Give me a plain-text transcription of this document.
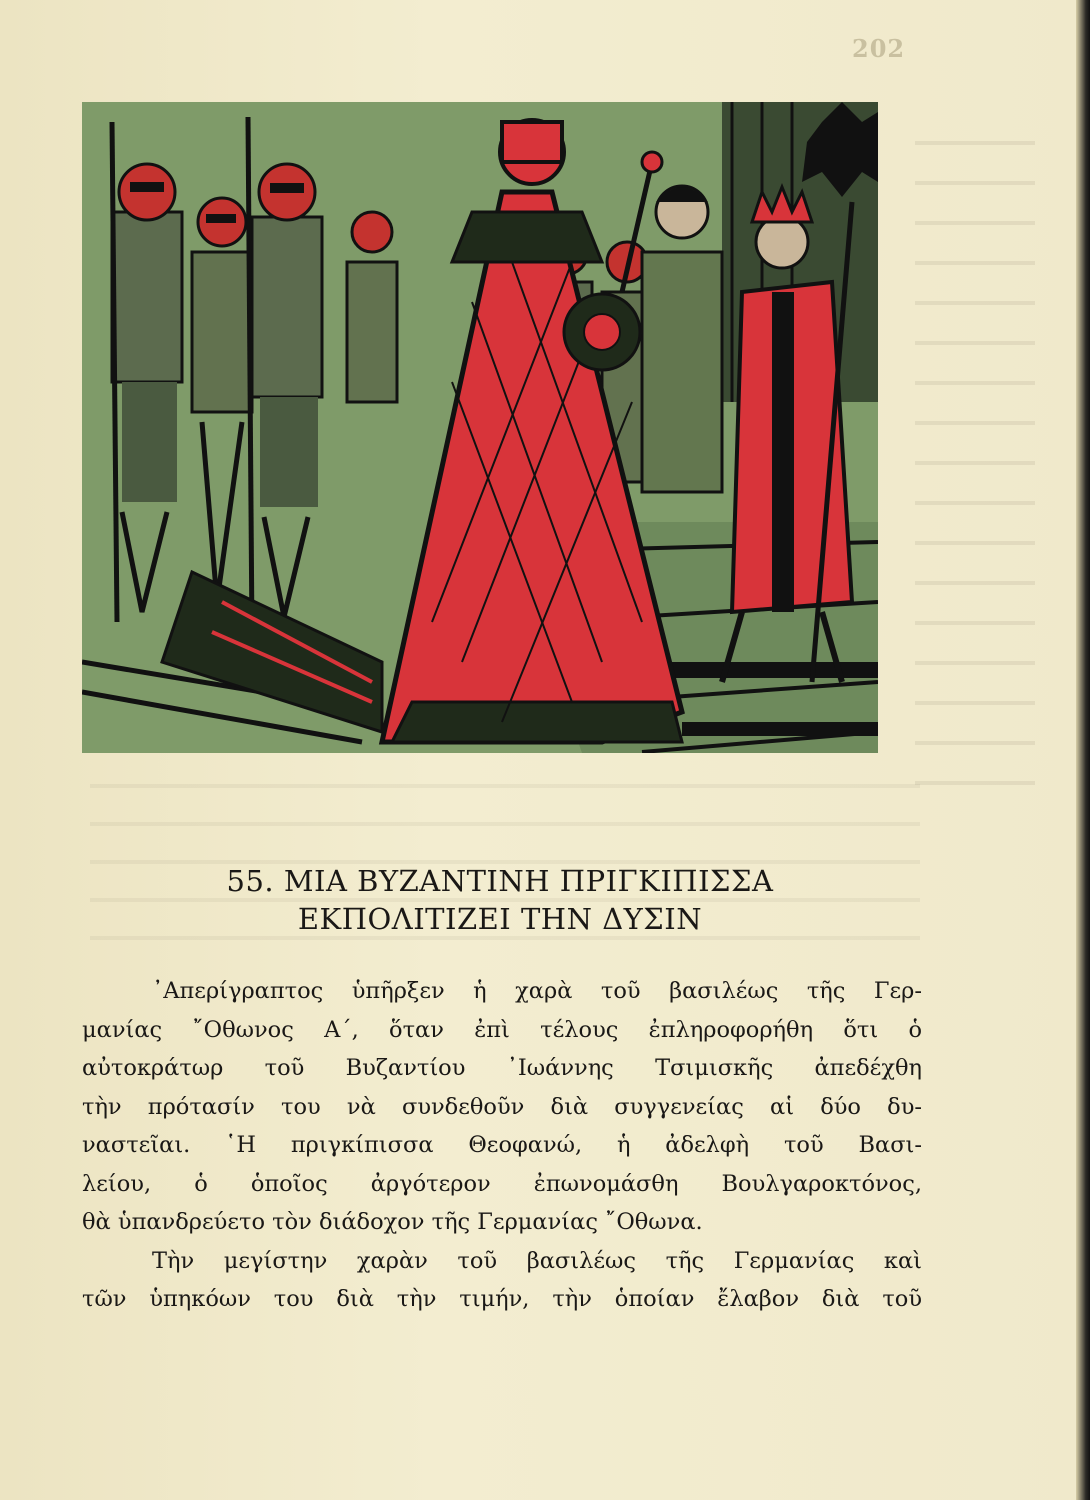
202
55. ΜΙΑ ΒΥΖΑΝΤΙΝΗ ΠΡΙΓΚΙΠΙΣΣΑ
ΕΚΠΟΛΙΤΙΖΕΙ ΤΗΝ ΔΥΣΙΝ
᾿Απερίγραπτος ὑπῆρξεν ἡ χαρὰ τοῦ βασιλέως τῆς Γερ-
μανίας ῎Οθωνος Α΄, ὅταν ἐπὶ τέλους ἐπληροφορήθη ὅτι ὁ
αὐτοκράτωρ τοῦ Βυζαντίου ᾿Ιωάννης Τσιμισκῆς ἀπεδέχθη
τὴν πρότασίν του νὰ συνδεθοῦν διὰ συγγενείας αἱ δύο δυ-
ναστεῖαι. ῾Η πριγκίπισσα Θεοφανώ, ἡ ἀδελφὴ τοῦ Βασι-
λείου, ὁ ὁποῖος ἀργότερον ἐπωνομάσθη Βουλγαροκτόνος,
θὰ ὑπανδρεύετο τὸν διάδοχον τῆς Γερμανίας ῎Οθωνα.
Τὴν μεγίστην χαρὰν τοῦ βασιλέως τῆς Γερμανίας καὶ
τῶν ὑπηκόων του διὰ τὴν τιμήν, τὴν ὁποίαν ἔλαβον διὰ τοῦ
